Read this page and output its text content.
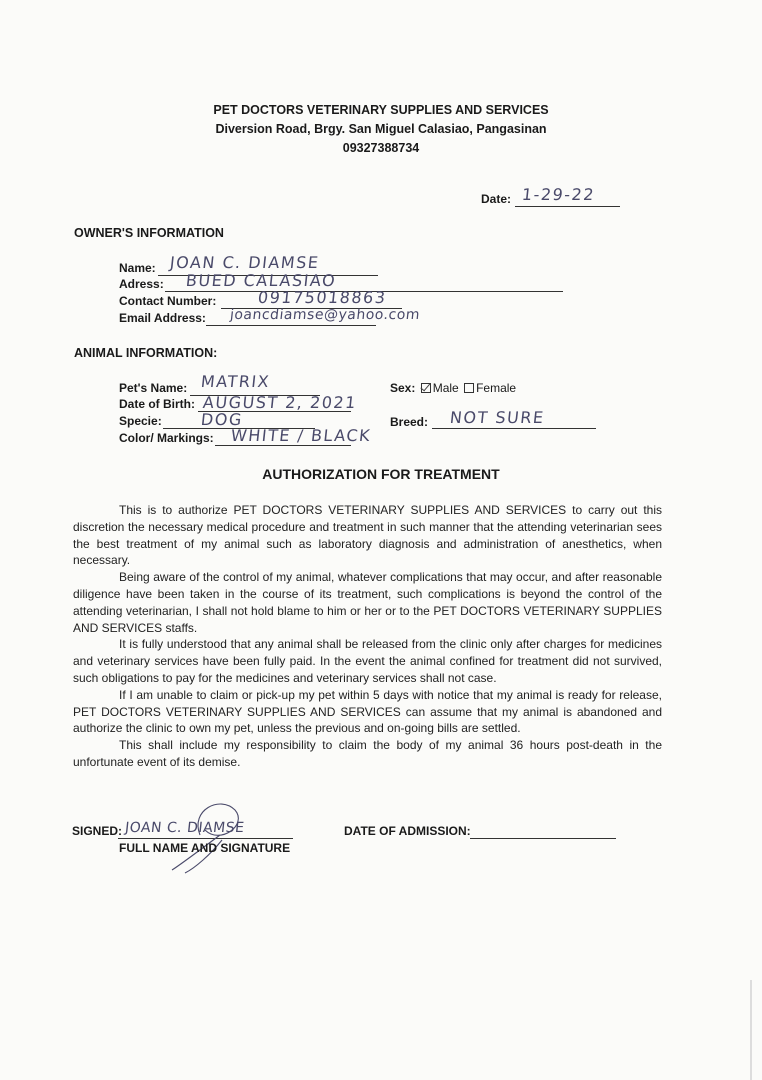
PET DOCTORS VETERINARY SUPPLIES AND SERVICES
Diversion Road, Brgy. San Miguel Calasiao, Pangasinan
09327388734
Date: 1-29-22
OWNER'S INFORMATION
Name: JOAN C. DIAMSE
Adress: BUED CALASIAO
Contact Number:	09175018863
Email Address: joancdiamse@yahoo.com
ANIMAL INFORMATION:
Pet's Name: MATRIX
Date of Birth: AUGUST 2, 2021
Specie: DOG
Color/ Markings: WHITE / BLACK
Sex: Male Female
Breed: NOT SURE
AUTHORIZATION FOR TREATMENT

This is to authorize PET DOCTORS VETERINARY SUPPLIES AND SERVICES to carry out this discretion the necessary medical procedure and treatment in such manner that the attending veterinarian sees the best treatment of my animal such as laboratory diagnosis and administration of anesthetics, when necessary.

Being aware of the control of my animal, whatever complications that may occur, and after reasonable diligence have been taken in the course of its treatment, such complications is beyond the control of the attending veterinarian, I shall not hold blame to him or her or to the PET DOCTORS VETERINARY SUPPLIES AND SERVICES staffs.

It is fully understood that any animal shall be released from the clinic only after charges for medicines and veterinary services have been fully paid. In the event the animal confined for treatment did not survived, such obligations to pay for the medicines and veterinary services shall not case.

If I am unable to claim or pick-up my pet within 5 days with notice that my animal is ready for release, PET DOCTORS VETERINARY SUPPLIES AND SERVICES can assume that my animal is abandoned and authorize the clinic to own my pet, unless the previous and on-going bills are settled.

This shall include my responsibility to claim the body of my animal 36 hours post-death in the unfortunate event of its demise.

SIGNED: JOAN C. DIAMSE
FULL NAME AND SIGNATURE
DATE OF ADMISSION:
